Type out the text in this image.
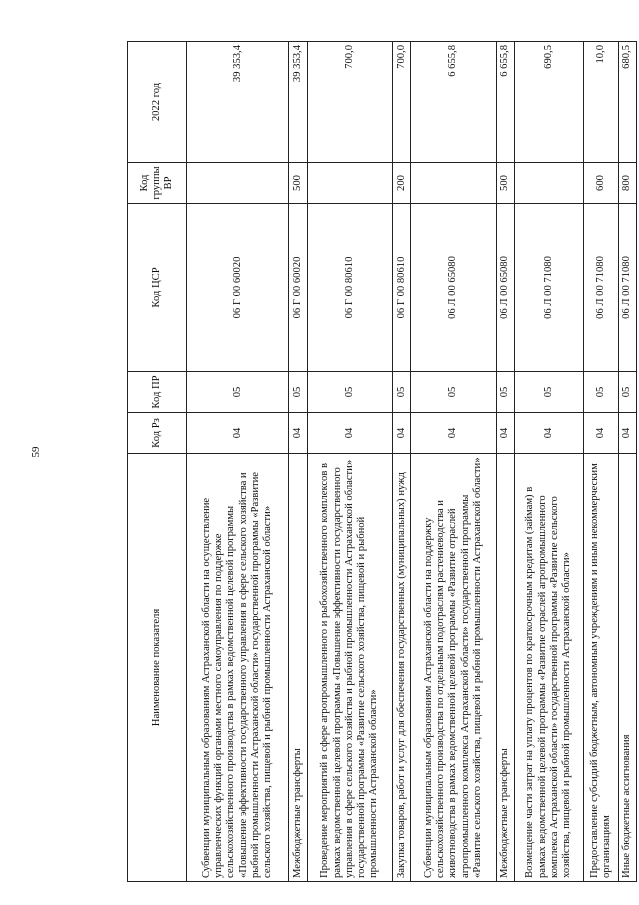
59
Наименование показателя	Код Рз	Код ПР	Код ЦСР	Код группы ВР	2022 год
Субвенции муниципальным образованиям Астраханской области на осуществление управленческих функций органами местного самоуправления по поддержке сельскохозяйственного производства в рамках ведомственной целевой программы «Повышение эффективности государственного управления в сфере сельского хозяйства и рыбной промышленности Астраханской области» государственной программы «Развитие сельского хозяйства, пищевой и рыбной промышленности Астраханской области»	04	05	06 Г 00 60020		39 353,4
Межбюджетные трансферты	04	05	06 Г 00 60020	500	39 353,4
Проведение мероприятий в сфере агропромышленного и рыбохозяйственного комплексов в рамках ведомственной целевой программы «Повышение эффективности государственного управления в сфере сельского хозяйства и рыбной промышленности Астраханской области» государственной программы «Развитие сельского хозяйства, пищевой и рыбной промышленности Астраханской области»	04	05	06 Г 00 80610		700,0
Закупка товаров, работ и услуг для обеспечения государственных (муниципальных) нужд	04	05	06 Г 00 80610	200	700,0
Субвенции муниципальным образованиям Астраханской области на поддержку сельскохозяйственного производства по отдельным подотраслям растениеводства и животноводства в рамках ведомственной целевой программы «Развитие отраслей агропромышленного комплекса Астраханской области» государственной программы «Развитие сельского хозяйства, пищевой и рыбной промышленности Астраханской области»	04	05	06 Л 00 65080		6 655,8
Межбюджетные трансферты	04	05	06 Л 00 65080	500	6 655,8
Возмещение части затрат на уплату процентов по краткосрочным кредитам (займам) в рамках ведомственной целевой программы «Развитие отраслей агропромышленного комплекса Астраханской области» государственной программы «Развитие сельского хозяйства, пищевой и рыбной промышленности Астраханской области»	04	05	06 Л 00 71080		690,5
Предоставление субсидий бюджетным, автономным учреждениям и иным некоммерческим организациям	04	05	06 Л 00 71080	600	10,0
Иные бюджетные ассигнования	04	05	06 Л 00 71080	800	680,5
